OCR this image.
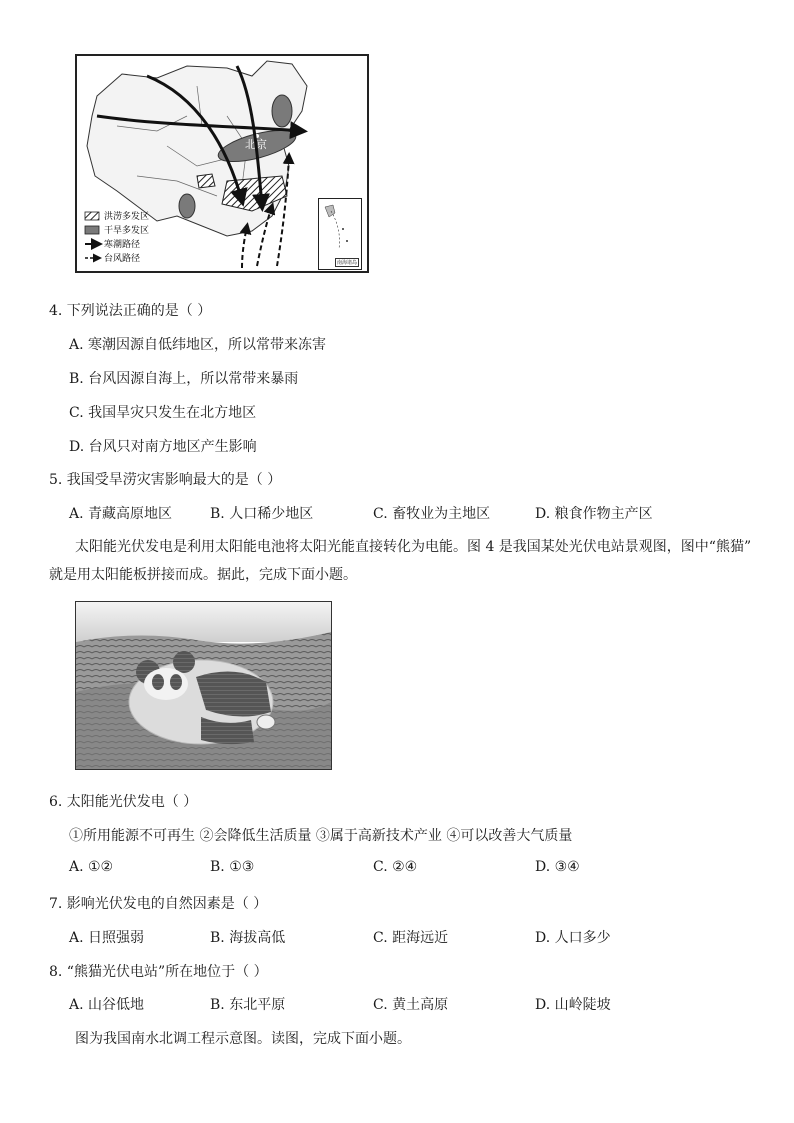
北京
洪涝多发区
干旱多发区
寒潮路径
台风路径	南海诸岛
4. 下列说法正确的是（ ）
A. 寒潮因源自低纬地区，所以常带来冻害
B. 台风因源自海上，所以常带来暴雨
C. 我国旱灾只发生在北方地区
D. 台风只对南方地区产生影响
5. 我国受旱涝灾害影响最大的是（ ）
A. 青藏高原地区	B. 人口稀少地区	C. 畜牧业为主地区	D. 粮食作物主产区
太阳能光伏发电是利用太阳能电池将太阳光能直接转化为电能。图 4 是我国某处光伏电站景观图，图中“熊猫”
就是用太阳能板拼接而成。据此，完成下面小题。
6. 太阳能光伏发电（ ）
①所用能源不可再生 ②会降低生活质量 ③属于高新技术产业 ④可以改善大气质量
A. ①②	B. ①③	C. ②④	D. ③④
7. 影响光伏发电的自然因素是（ ）
A. 日照强弱	B. 海拔高低	C. 距海远近	D. 人口多少
8. “熊猫光伏电站”所在地位于（ ）
A. 山谷低地	B. 东北平原	C. 黄土高原	D. 山岭陡坡
图为我国南水北调工程示意图。读图，完成下面小题。
